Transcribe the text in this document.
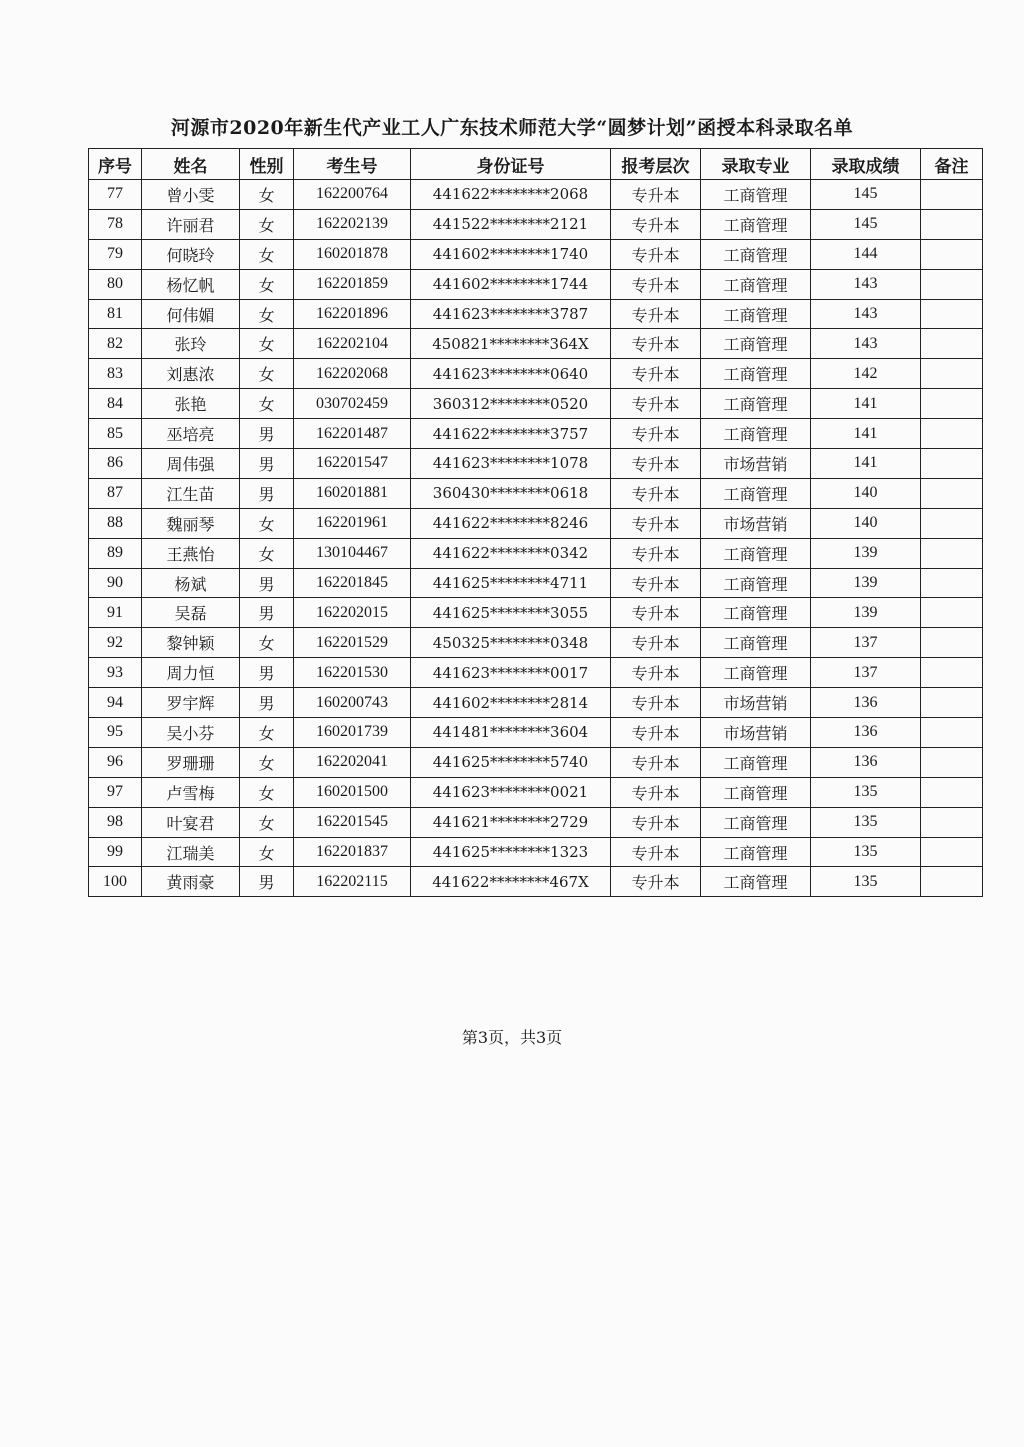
河源市2020年新生代产业工人广东技术师范大学“圆梦计划”函授本科录取名单
序号	姓名	性别	考生号	身份证号	报考层次	录取专业	录取成绩	备注
77	曾小雯	女	162200764	441622********2068	专升本	工商管理	145	
78	许丽君	女	162202139	441522********2121	专升本	工商管理	145	
79	何晓玲	女	160201878	441602********1740	专升本	工商管理	144	
80	杨忆帆	女	162201859	441602********1744	专升本	工商管理	143	
81	何伟媚	女	162201896	441623********3787	专升本	工商管理	143	
82	张玲	女	162202104	450821********364X	专升本	工商管理	143	
83	刘惠浓	女	162202068	441623********0640	专升本	工商管理	142	
84	张艳	女	030702459	360312********0520	专升本	工商管理	141	
85	巫培亮	男	162201487	441622********3757	专升本	工商管理	141	
86	周伟强	男	162201547	441623********1078	专升本	市场营销	141	
87	江生苗	男	160201881	360430********0618	专升本	工商管理	140	
88	魏丽琴	女	162201961	441622********8246	专升本	市场营销	140	
89	王燕怡	女	130104467	441622********0342	专升本	工商管理	139	
90	杨斌	男	162201845	441625********4711	专升本	工商管理	139	
91	吴磊	男	162202015	441625********3055	专升本	工商管理	139	
92	黎钟颖	女	162201529	450325********0348	专升本	工商管理	137	
93	周力恒	男	162201530	441623********0017	专升本	工商管理	137	
94	罗宇辉	男	160200743	441602********2814	专升本	市场营销	136	
95	吴小芬	女	160201739	441481********3604	专升本	市场营销	136	
96	罗珊珊	女	162202041	441625********5740	专升本	工商管理	136	
97	卢雪梅	女	160201500	441623********0021	专升本	工商管理	135	
98	叶宴君	女	162201545	441621********2729	专升本	工商管理	135	
99	江瑞美	女	162201837	441625********1323	专升本	工商管理	135	
100	黄雨豪	男	162202115	441622********467X	专升本	工商管理	135	
第3页，共3页
